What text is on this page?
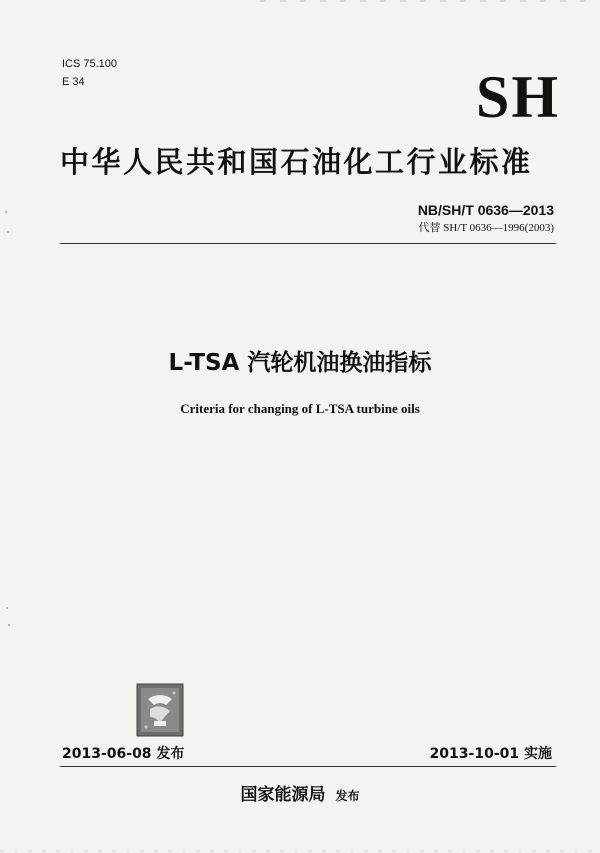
ICS 75.100
E 34	SH
中华人民共和国石油化工行业标准
NB/SH/T 0636—2013
代替 SH/T 0636—1996(2003)
L-TSA 汽轮机油换油指标
Criteria for changing of L-TSA turbine oils
2013-06-08 发布	2013-10-01 实施
国家能源局 发布
